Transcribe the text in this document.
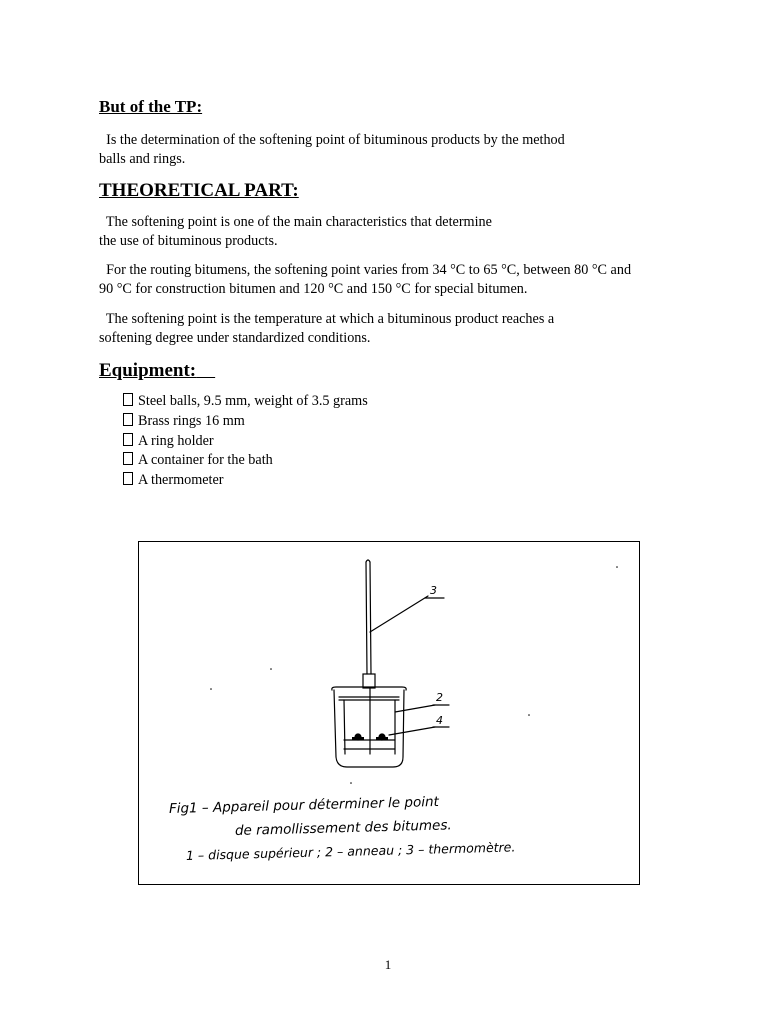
But of the TP:

Is the determination of the softening point of bituminous products by the method
balls and rings.

THEORETICAL PART:

The softening point is one of the main characteristics that determine
the use of bituminous products.

For the routing bitumens, the softening point varies from 34 °C to 65 °C, between 80 °C and
90 °C for construction bitumen and 120 °C and 150 °C for special bitumen.

The softening point is the temperature at which a bituminous product reaches a
softening degree under standardized conditions.

Equipment:
Steel balls, 9.5 mm, weight of 3.5 grams
Brass rings 16 mm
A ring holder
A container for the bath
A thermometer
3
2
4
Fig1 – Appareil pour déterminer le point
de ramollissement des bitumes.
1 – disque supérieur ; 2 – anneau ; 3 – thermomètre.
1
